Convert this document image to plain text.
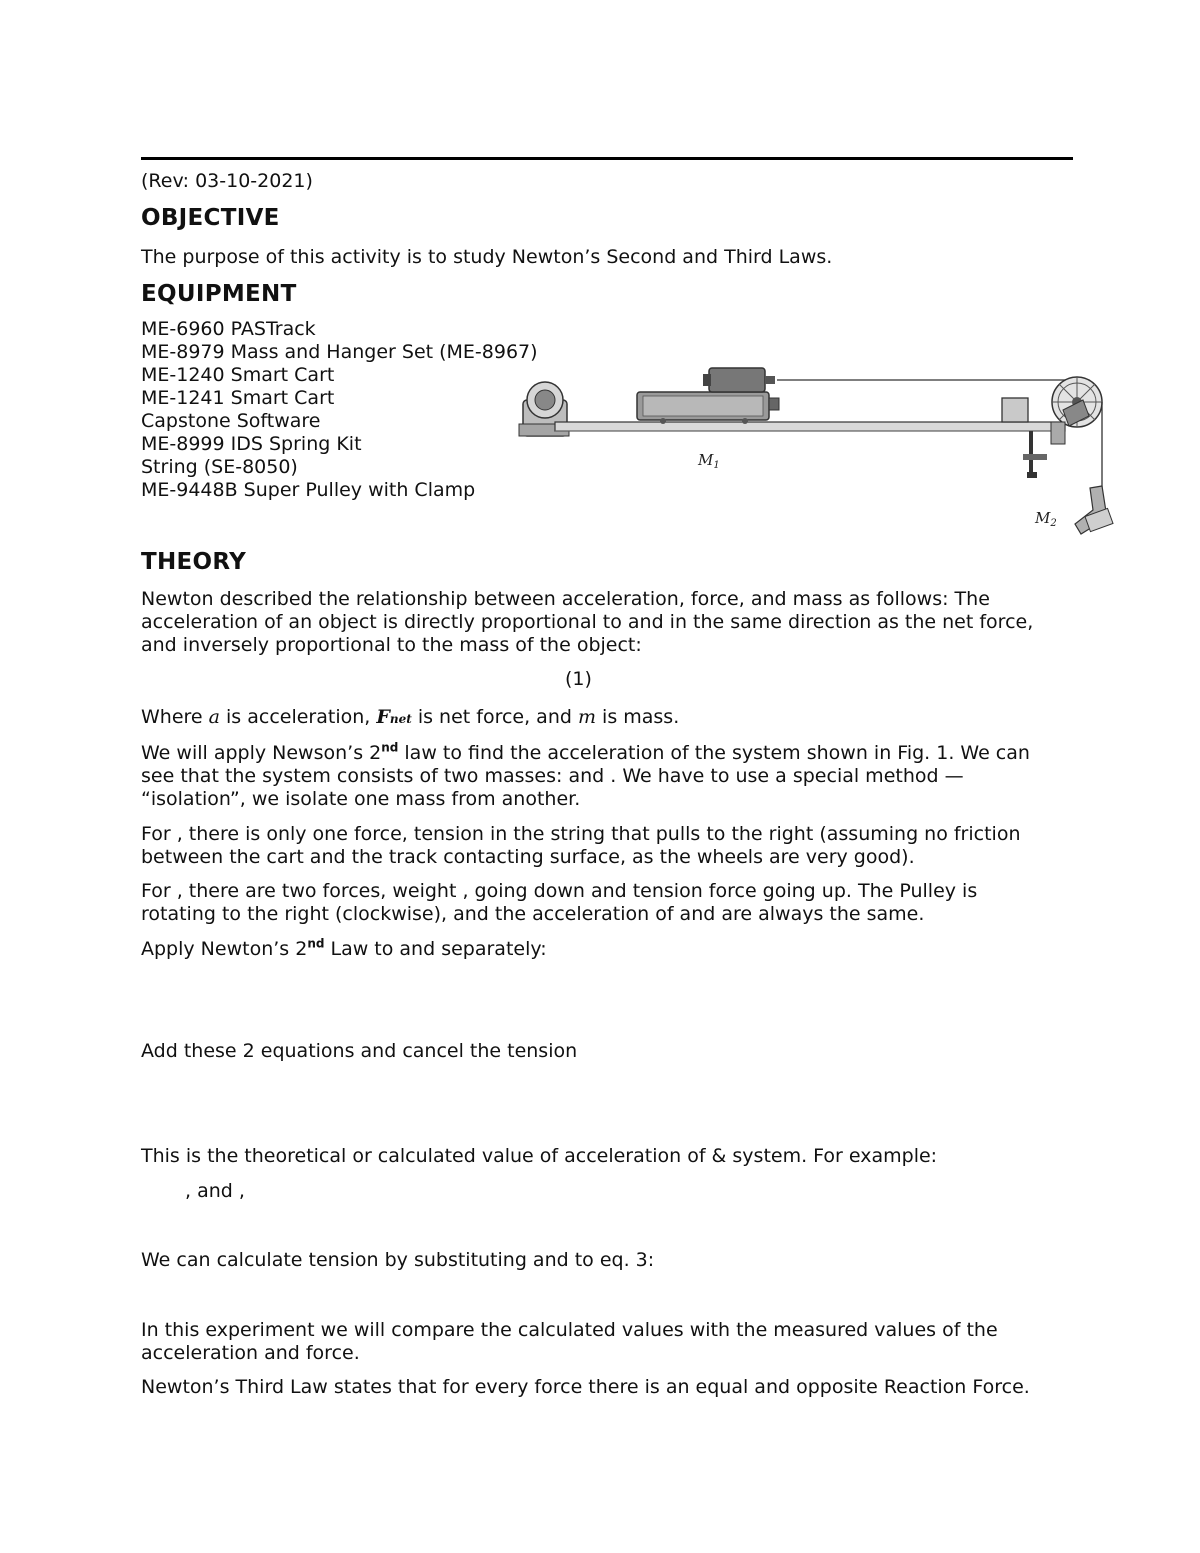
(Rev: 03-10-2021)
OBJECTIVE
The purpose of this activity is to study Newton’s Second and Third Laws.
EQUIPMENT
ME-6960 PASTrack
ME-8979 Mass and Hanger Set (ME-8967)
ME-1240 Smart Cart
ME-1241 Smart Cart
Capstone Software
ME-8999 IDS Spring Kit
String (SE-8050)
ME-9448B Super Pulley with Clamp
$M_1$
$M_2$
THEORY
Newton described the relationship between acceleration, force, and mass as follows: The
acceleration of an object is directly proportional to and in the same direction as the net force,
and inversely proportional to the mass of the object:
(1)
Where a is acceleration, Fnet is net force, and m is mass.
We will apply Newson’s 2nd law to find the acceleration of the system shown in Fig. 1. We can
see that the system consists of two masses: and . We have to use a special method —
“isolation”, we isolate one mass from another.
For , there is only one force, tension in the string that pulls to the right (assuming no friction
between the cart and the track contacting surface, as the wheels are very good).
For , there are two forces, weight , going down and tension force going up. The Pulley is
rotating to the right (clockwise), and the acceleration of and are always the same.
Apply Newton’s 2nd Law to and separately:
Add these 2 equations and cancel the tension
This is the theoretical or calculated value of acceleration of & system. For example:
, and ,
We can calculate tension by substituting and to eq. 3:
In this experiment we will compare the calculated values with the measured values of the
acceleration and force.
Newton’s Third Law states that for every force there is an equal and opposite Reaction Force.
